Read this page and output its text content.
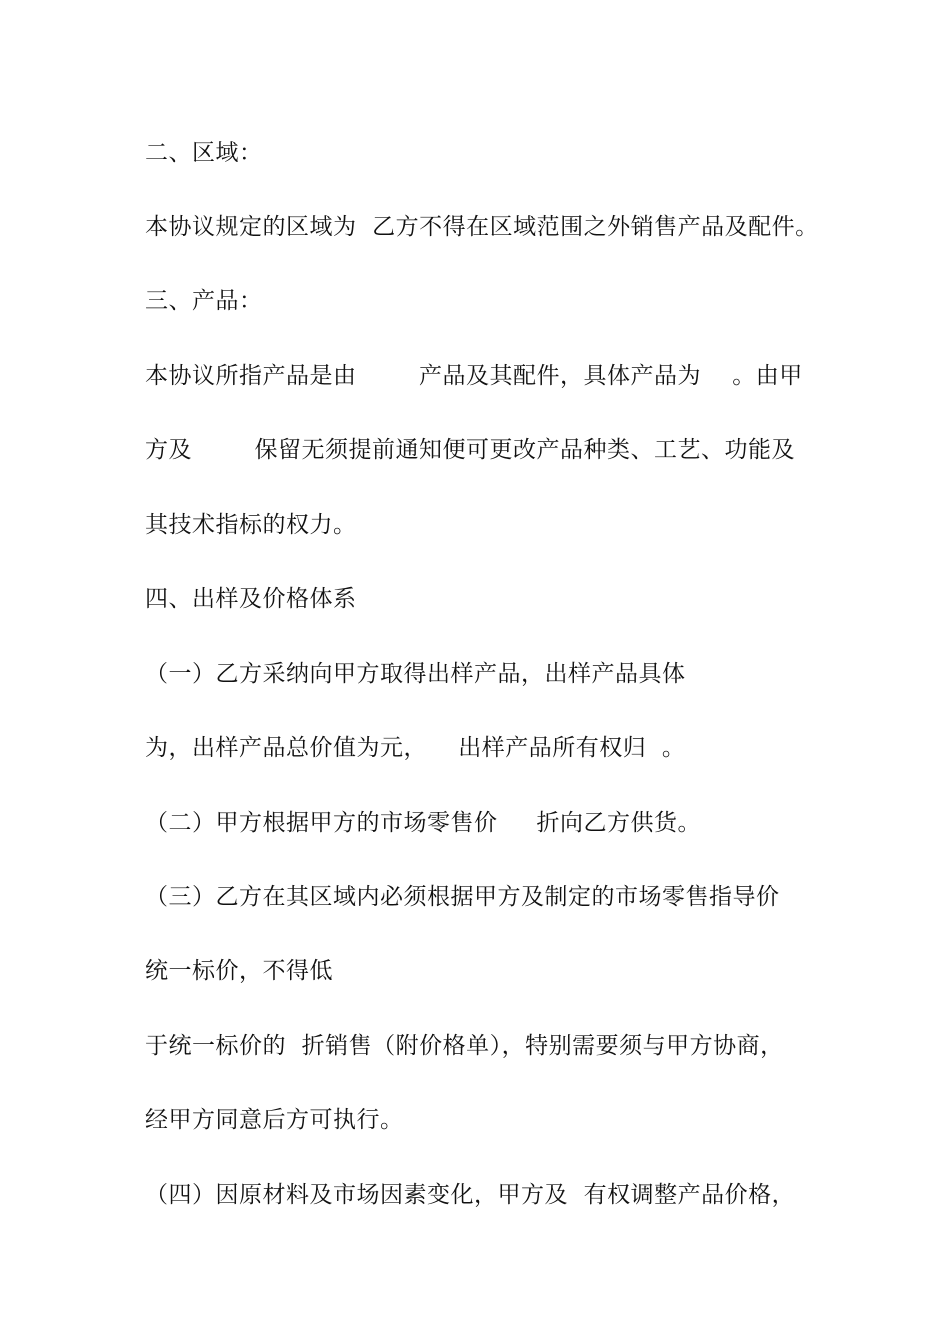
二、区域：
本协议规定的区域为  乙方不得在区域范围之外销售产品及配件。
三、产品：
本协议所指产品是由        产品及其配件，具体产品为    。由甲
方及        保留无须提前通知便可更改产品种类、工艺、功能及
其技术指标的权力。
四、出样及价格体系
（一）乙方采纳向甲方取得出样产品，出样产品具体
为，出样产品总价值为元，    出样产品所有权归  。
（二）甲方根据甲方的市场零售价     折向乙方供货。
（三）乙方在其区域内必须根据甲方及制定的市场零售指导价
统一标价，不得低
于统一标价的  折销售（附价格单），特别需要须与甲方协商，
经甲方同意后方可执行。
（四）因原材料及市场因素变化，甲方及  有权调整产品价格，
